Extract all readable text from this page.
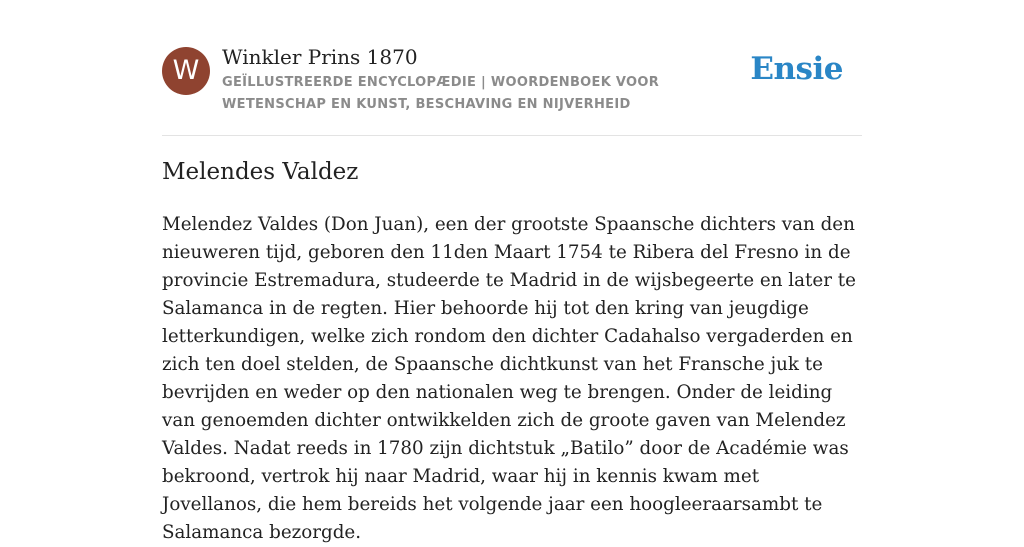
W	Winkler Prins 1870
GEÏLLUSTREERDE ENCYCLOPÆDIE | WOORDENBOEK VOOR WETENSCHAP EN KUNST, BESCHAVING EN NIJVERHEID
Ensie
Melendes Valdez

Melendez Valdes (Don Juan), een der grootste Spaansche dichters van den nieuweren tijd, geboren den 11den Maart 1754 te Ribera del Fresno in de provincie Estremadura, studeerde te Madrid in de wijsbegeerte en later te Salamanca in de regten. Hier behoorde hij tot den kring van jeugdige letterkundigen, welke zich rondom den dichter Cadahalso vergaderden en zich ten doel stelden, de Spaansche dichtkunst van het Fransche juk te bevrijden en weder op den nationalen weg te brengen. Onder de leiding van genoemden dichter ontwikkelden zich de groote gaven van Melendez Valdes. Nadat reeds in 1780 zijn dichtstuk „Batilo” door de Académie was bekroond, vertrok hij naar Madrid, waar hij in kennis kwam met Jovellanos, die hem bereids het volgende jaar een hoogleeraarsambt te Salamanca bezorgde.
